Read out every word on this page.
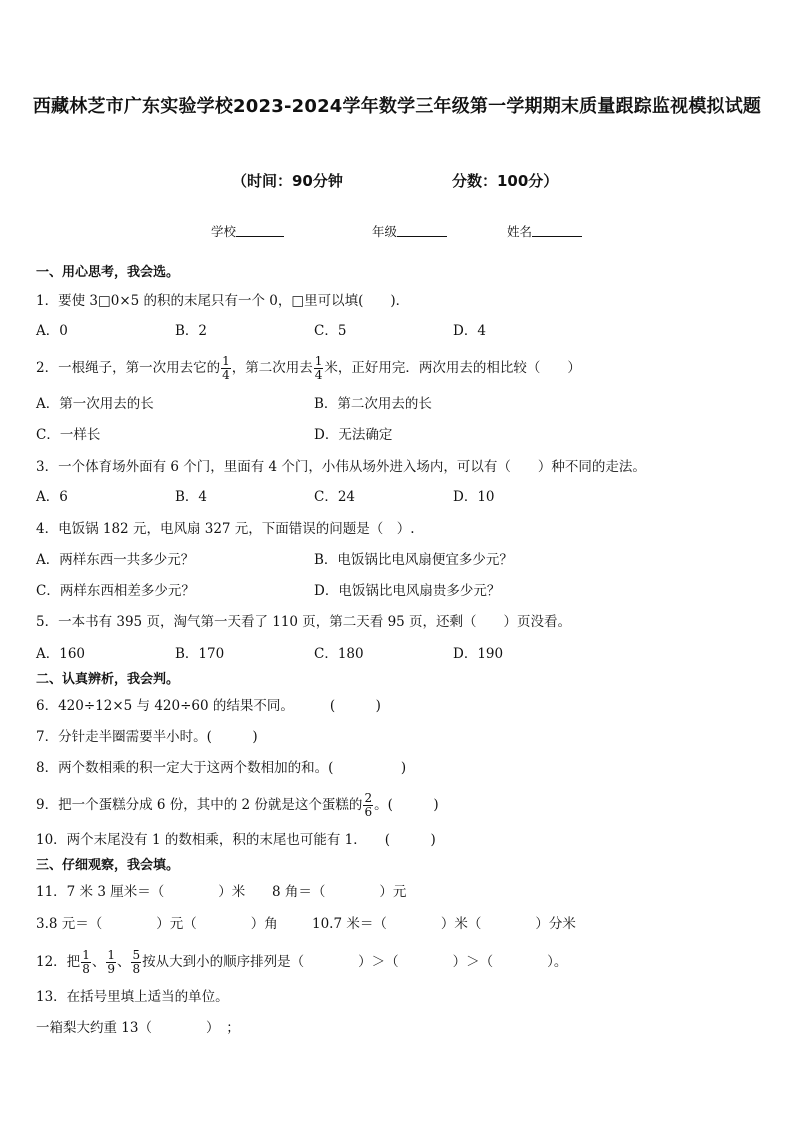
西藏林芝市广东实验学校2023-2024学年数学三年级第一学期期末质量跟踪监视模拟试题
（时间：90分钟	分数：100分）
学校	年级	姓名
一、用心思考，我会选。
1．要使 3□0×5 的积的末尾只有一个 0，□里可以填(　　)．
A．0	B．2	C．5	D．4
2．一根绳子，第一次用去它的 $\frac{1}{4}$ ，第二次用去 $\frac{1}{4}$ 米，正好用完．两次用去的相比较（　　）
A．第一次用去的长	B．第二次用去的长
C．一样长	D．无法确定
3．一个体育场外面有 6 个门，里面有 4 个门，小伟从场外进入场内，可以有（　　）种不同的走法。
A．6	B．4	C．24	D．10
4．电饭锅 182 元，电风扇 327 元，下面错误的问题是（　）.
A．两样东西一共多少元？	B．电饭锅比电风扇便宜多少元？
C．两样东西相差多少元？	D．电饭锅比电风扇贵多少元？
5．一本书有 395 页，淘气第一天看了 110 页，第二天看 95 页，还剩（　　）页没看。
A．160	B．170	C．180	D．190
二、认真辨析，我会判。
6．420÷12×5 与 420÷60 的结果不同。	(　　　)
7．分针走半圈需要半小时。(　　　)
8．两个数相乘的积一定大于这两个数相加的和。(　　　　　)
9．把一个蛋糕分成 6 份，其中的 2 份就是这个蛋糕的 $\frac{2}{6}$ 。(　　　)
10．两个末尾没有 1 的数相乘，积的末尾也可能有 1． (　　　)
三、仔细观察，我会填。
11．7 米 3 厘米＝（　　　　）米 8 角＝（　　　　）元
3.8 元＝（　　　　）元（　　　　）角	10.7 米＝（　　　　）米（　　　　）分米
12．把 $\frac{1}{8}$ 、 $\frac{1}{9}$ 、 $\frac{5}{8}$ 按从大到小的顺序排列是（　　　　）＞（　　　　）＞（　　　　）。
13．在括号里填上适当的单位。
一箱梨大约重 13（　　　　）　；
